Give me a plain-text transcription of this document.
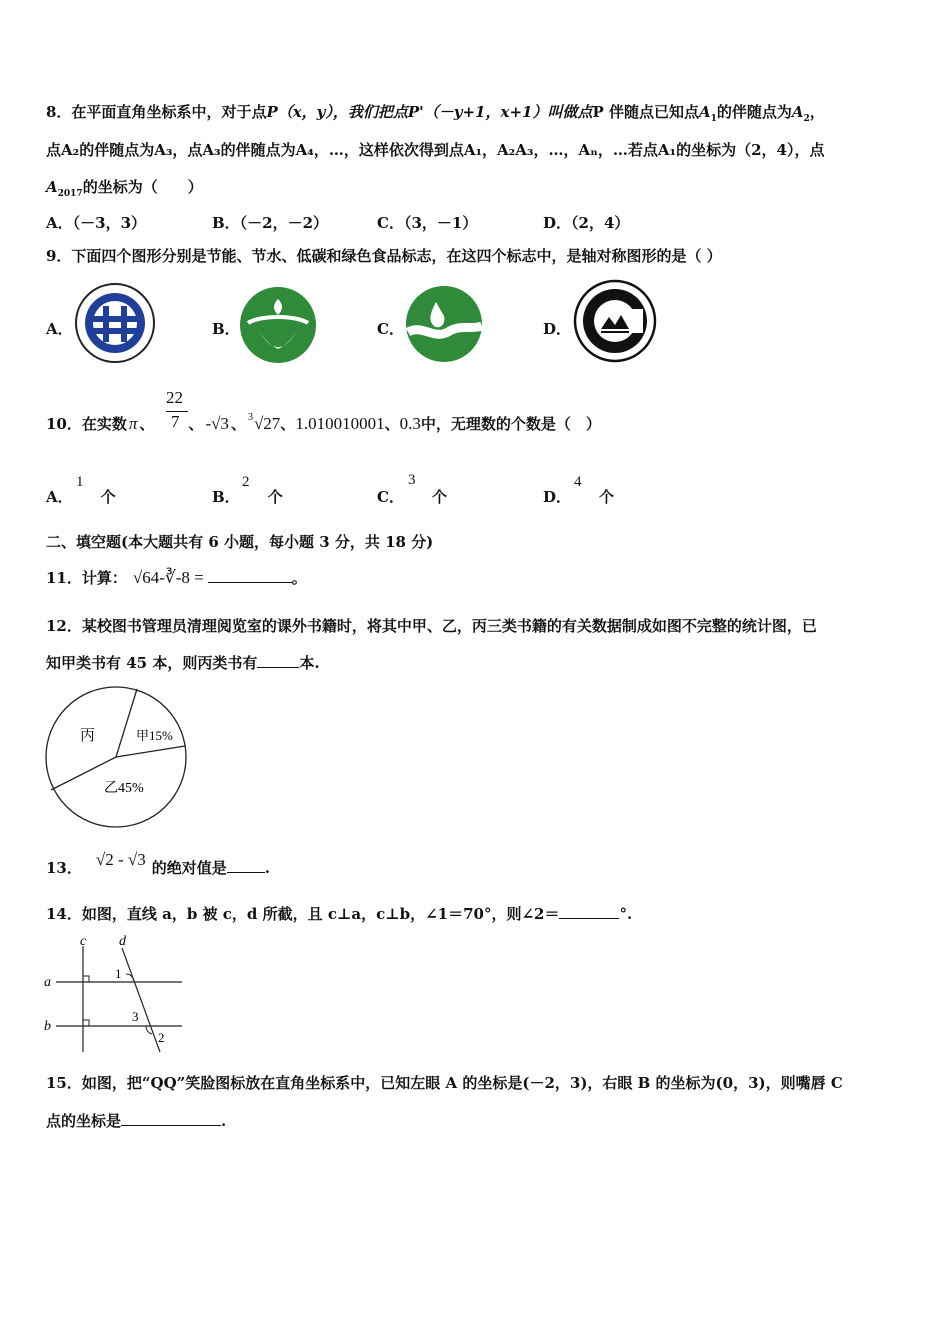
8．在平面直角坐标系中，对于点P（x，y），我们把点P'（－y+1，x+1）叫做点P 伴随点已知点$A_1$的伴随点为$A_2$，
点A₂的伴随点为A₃，点A₃的伴随点为A₄，…，这样依次得到点A₁，A₂A₃，…，Aₙ，…若点A₁的坐标为（2，4），点
$A_{2017}$的坐标为（　　）
A．（－3，3）	B．（－2，－2）	C．（3，－1）	D．（2，4）
9．下面四个图形分别是节能、节水、低碳和绿色食品标志，在这四个标志中，是轴对称图形的是（ ）
A．	B．	C．	D．
10．在实数 π 、 、 -√3 、 3 √27、1.010010001、0.3中，无理数的个数是（　）
22
7
A． 个
1
B． 个
2
C． 个
3
D． 个
4
二、填空题(本大题共有 6 小题，每小题 3 分，共 18 分)
11．计算： √64-∛-8 =	。
12．某校图书管理员清理阅览室的课外书籍时，将其中甲、乙，丙三类书籍的有关数据制成如图不完整的统计图，已
知甲类书有 45 本，则丙类书有	本.
丙	甲15%
乙45%
13． √2 - √3 的绝对值是	.
14．如图，直线 a，b 被 c，d 所截，且 c⊥a，c⊥b，∠1＝70°，则∠2＝	°.
c d
a
b
1
3
2
15．如图，把“QQ”笑脸图标放在直角坐标系中，已知左眼 A 的坐标是(－2，3)，右眼 B 的坐标为(0，3)，则嘴唇 C
点的坐标是	.
